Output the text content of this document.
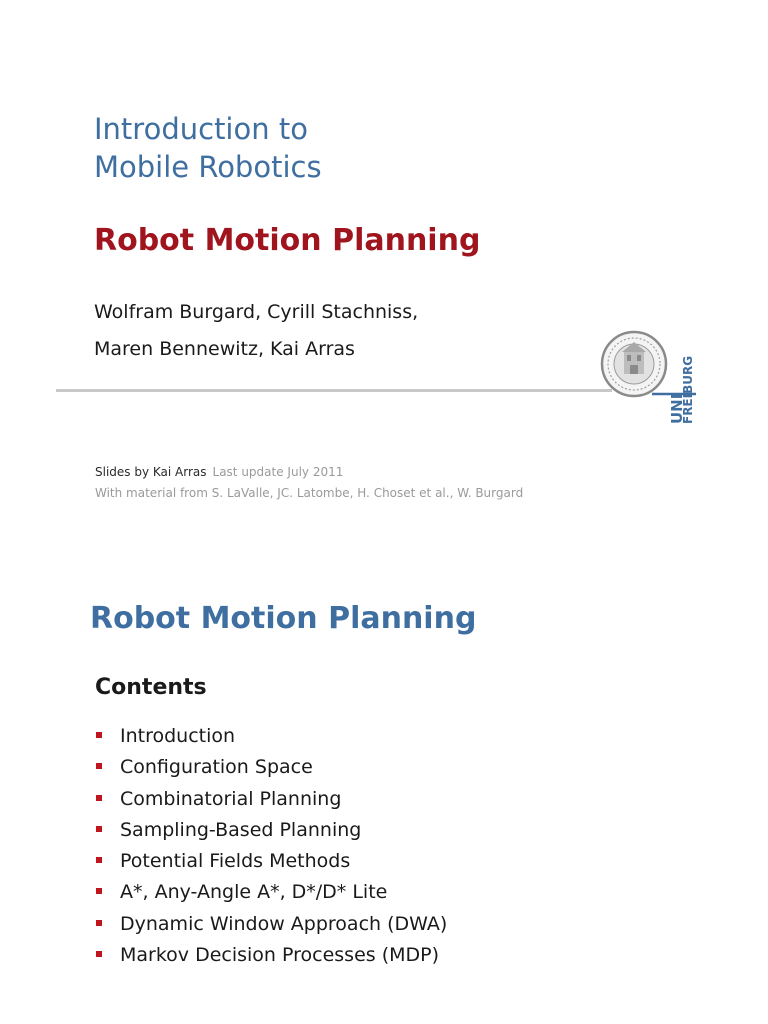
Introduction to
Mobile Robotics
Robot Motion Planning
Wolfram Burgard, Cyrill Stachniss,
Maren Bennewitz, Kai Arras
UNI
FREIBURG
Slides by Kai Arras Last update July 2011
With material from S. LaValle, JC. Latombe, H. Choset et al., W. Burgard
Robot Motion Planning
Contents
Introduction
Configuration Space
Combinatorial Planning
Sampling-Based Planning
Potential Fields Methods
A*, Any-Angle A*, D*/D* Lite
Dynamic Window Approach (DWA)
Markov Decision Processes (MDP)
